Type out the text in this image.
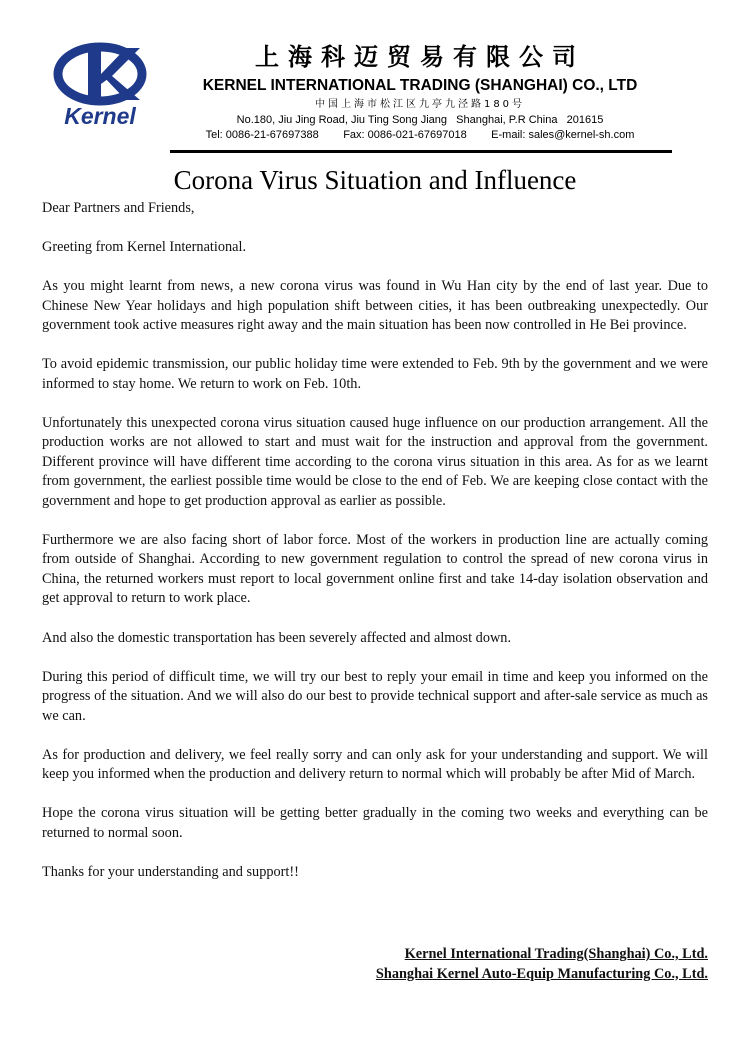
Kernel
上海科迈贸易有限公司
KERNEL INTERNATIONAL TRADING (SHANGHAI) CO., LTD
中国上海市松江区九亭九泾路180号
No.180, Jiu Jing Road, Jiu Ting Song Jiang   Shanghai, P.R China   201615
Tel: 0086-21-67697388        Fax: 0086-021-67697018        E-mail: sales@kernel-sh.com
Corona Virus Situation and Influence

Dear Partners and Friends,

Greeting from Kernel International.

As you might learnt from news, a new corona virus was found in Wu Han city by the end of last year. Due to Chinese New Year holidays and high population shift between cities, it has been outbreaking unexpectedly. Our government took active measures right away and the main situation has been now controlled in He Bei province.

To avoid epidemic transmission, our public holiday time were extended to Feb. 9th by the government and we were informed to stay home. We return to work on Feb. 10th.

Unfortunately this unexpected corona virus situation caused huge influence on our production arrangement. All the production works are not allowed to start and must wait for the instruction and approval from the government. Different province will have different time according to the corona virus situation in this area. As for as we learnt from government, the earliest possible time would be close to the end of Feb. We are keeping close contact with the government and hope to get production approval as earlier as possible.

Furthermore we are also facing short of labor force. Most of the workers in production line are actually coming from outside of Shanghai. According to new government regulation to control the spread of new corona virus in China, the returned workers must report to local government online first and take 14-day isolation observation and get approval to return to work place.

And also the domestic transportation has been severely affected and almost down.

During this period of difficult time, we will try our best to reply your email in time and keep you informed on the progress of the situation. And we will also do our best to provide technical support and after-sale service as much as we can.

As for production and delivery, we feel really sorry and can only ask for your understanding and support. We will keep you informed when the production and delivery return to normal which will probably be after Mid of March.

Hope the corona virus situation will be getting better gradually in the coming two weeks and everything can be returned to normal soon.

Thanks for your understanding and support!!

Kernel International Trading(Shanghai) Co., Ltd.
Shanghai Kernel Auto-Equip Manufacturing Co., Ltd.
